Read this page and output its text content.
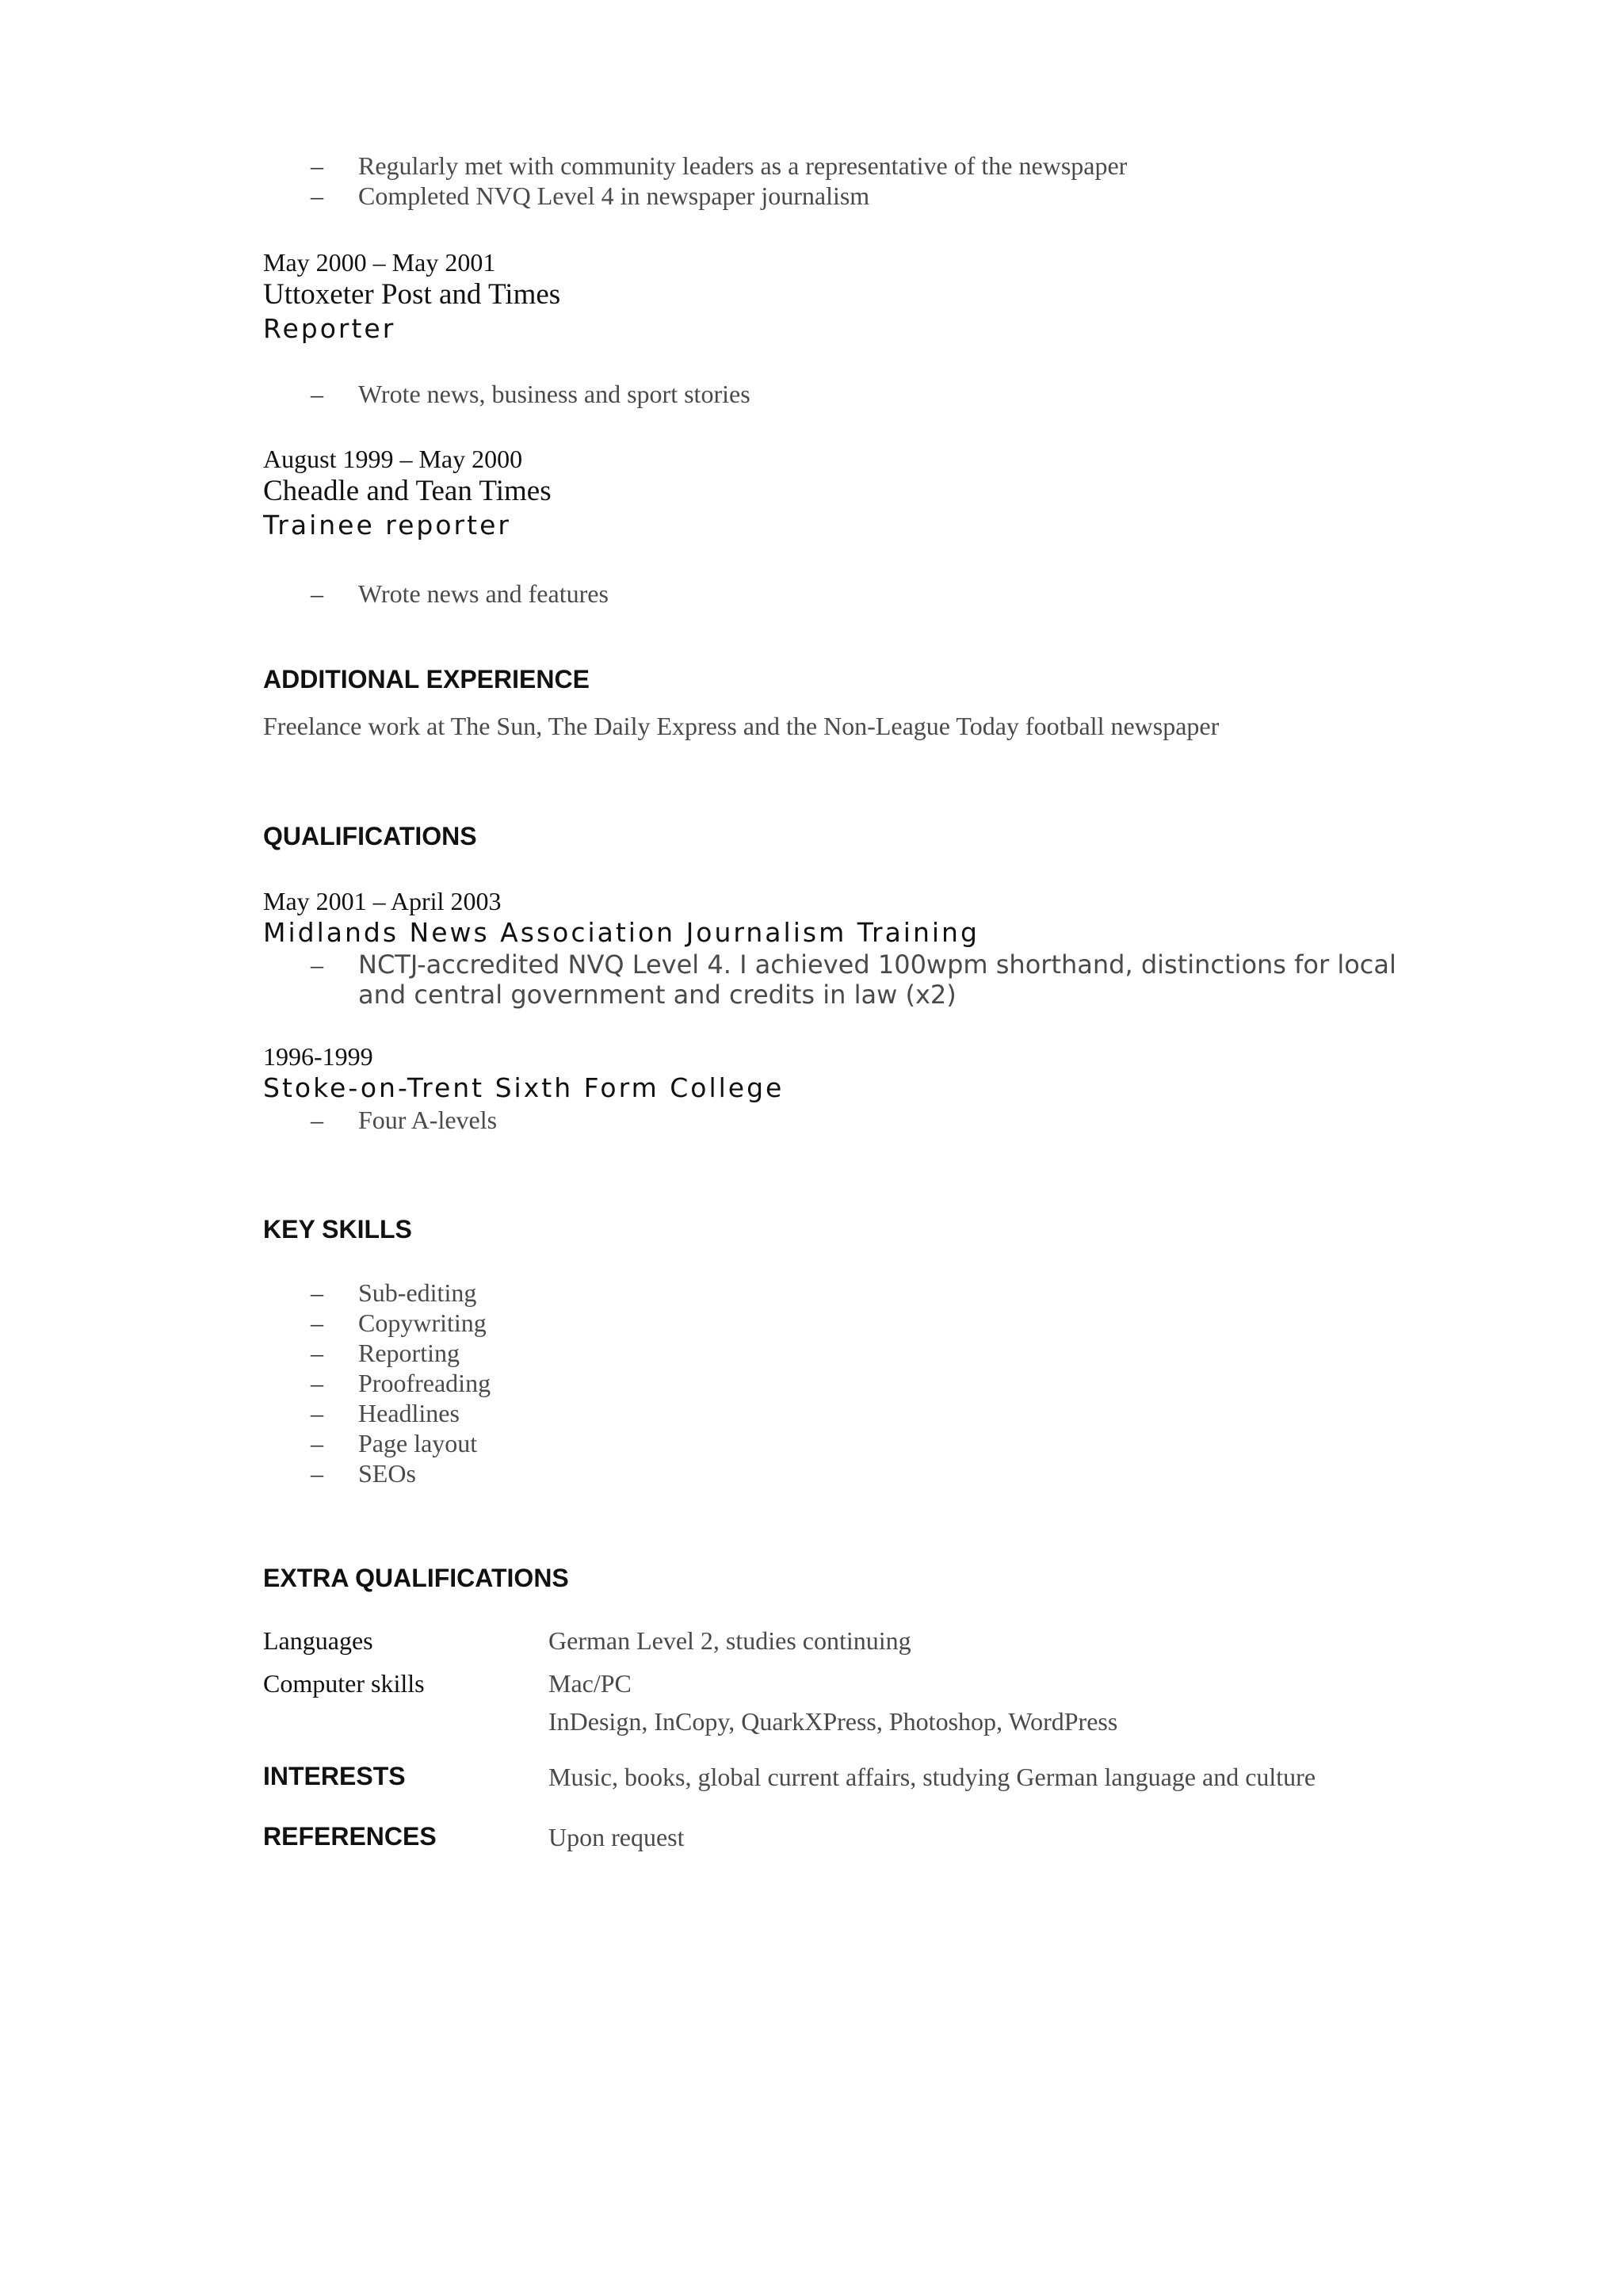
– Regularly met with community leaders as a representative of the newspaper
– Completed NVQ Level 4 in newspaper journalism
May 2000 – May 2001
Uttoxeter Post and Times
Reporter
– Wrote news, business and sport stories
August 1999 – May 2000
Cheadle and Tean Times
Trainee reporter
– Wrote news and features
ADDITIONAL EXPERIENCE
Freelance work at The Sun, The Daily Express and the Non-League Today football newspaper
QUALIFICATIONS
May 2001 – April 2003
Midlands News Association Journalism Training
– NCTJ-accredited NVQ Level 4. I achieved 100wpm shorthand, distinctions for local and central government and credits in law (x2)
1996-1999
Stoke-on-Trent Sixth Form College
– Four A-levels
KEY SKILLS
– Sub-editing
– Copywriting
– Reporting
– Proofreading
– Headlines
– Page layout
– SEOs
EXTRA QUALIFICATIONS
Languages	German Level 2, studies continuing
Computer skills	Mac/PC
InDesign, InCopy, QuarkXPress, Photoshop, WordPress
INTERESTS	Music, books, global current affairs, studying German language and culture
REFERENCES	Upon request
